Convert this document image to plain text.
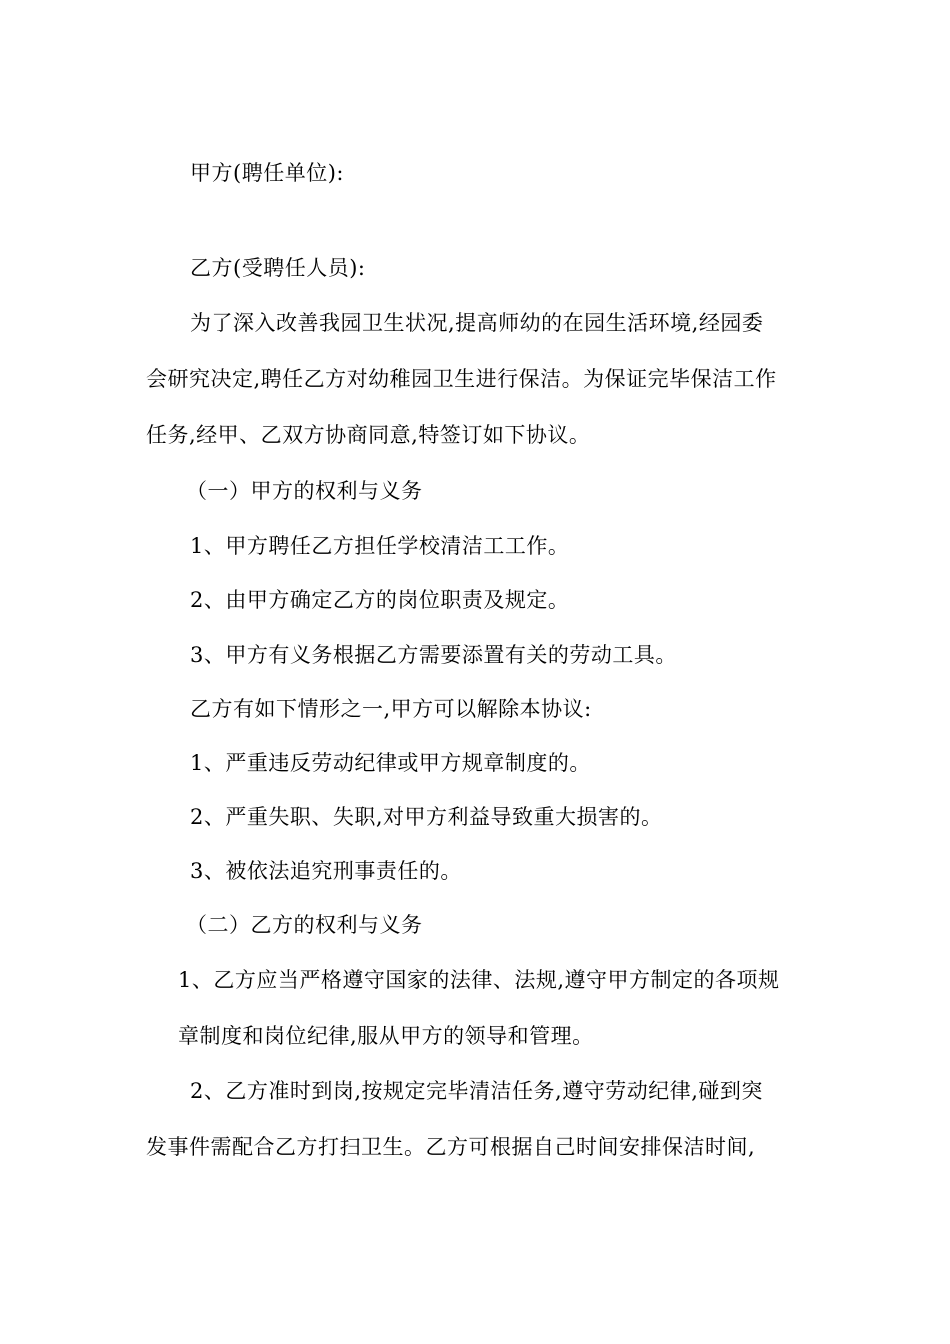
甲方(聘任单位):
乙方(受聘任人员):
为了深入改善我园卫生状况,提高师幼的在园生活环境,经园委
会研究决定,聘任乙方对幼稚园卫生进行保洁。为保证完毕保洁工作
任务,经甲、乙双方协商同意,特签订如下协议。
（一）甲方的权利与义务
1、甲方聘任乙方担任学校清洁工工作。
2、由甲方确定乙方的岗位职责及规定。
3、甲方有义务根据乙方需要添置有关的劳动工具。
乙方有如下情形之一,甲方可以解除本协议:
1、严重违反劳动纪律或甲方规章制度的。
2、严重失职、失职,对甲方利益导致重大损害的。
3、被依法追究刑事责任的。
（二）乙方的权利与义务
1、乙方应当严格遵守国家的法律、法规,遵守甲方制定的各项规
章制度和岗位纪律,服从甲方的领导和管理。
2、乙方准时到岗,按规定完毕清洁任务,遵守劳动纪律,碰到突
发事件需配合乙方打扫卫生。乙方可根据自己时间安排保洁时间,
